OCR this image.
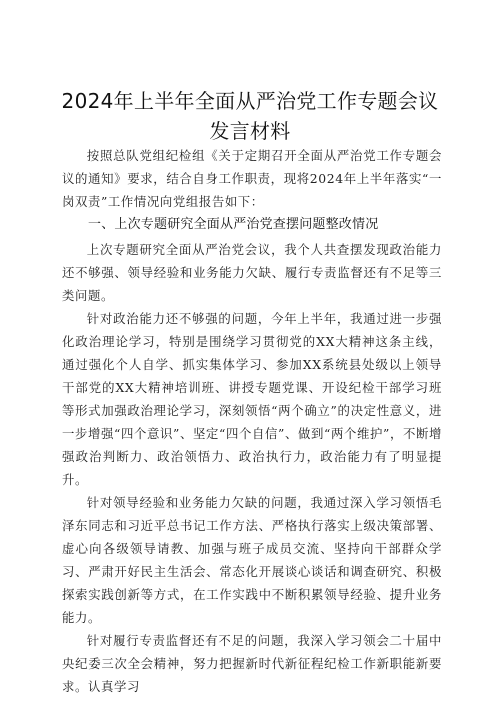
2024年上半年全面从严治党工作专题会议发言材料

按照总队党组纪检组《关于定期召开全面从严治党工作专题会议的通知》要求，结合自身工作职责，现将2024年上半年落实“一岗双责”工作情况向党组报告如下：

一、上次专题研究全面从严治党查摆问题整改情况

上次专题研究全面从严治党会议，我个人共查摆发现政治能力还不够强、领导经验和业务能力欠缺、履行专责监督还有不足等三类问题。

针对政治能力还不够强的问题，今年上半年，我通过进一步强化政治理论学习，特别是围绕学习贯彻党的XX大精神这条主线，通过强化个人自学、抓实集体学习、参加XX系统县处级以上领导干部党的XX大精神培训班、讲授专题党课、开设纪检干部学习班等形式加强政治理论学习，深刻领悟“两个确立”的决定性意义，进一步增强“四个意识”、坚定“四个自信”、做到“两个维护”，不断增强政治判断力、政治领悟力、政治执行力，政治能力有了明显提升。

针对领导经验和业务能力欠缺的问题，我通过深入学习领悟毛泽东同志和习近平总书记工作方法、严格执行落实上级决策部署、虚心向各级领导请教、加强与班子成员交流、坚持向干部群众学习、严肃开好民主生活会、常态化开展谈心谈话和调查研究、积极探索实践创新等方式，在工作实践中不断积累领导经验、提升业务能力。

针对履行专责监督还有不足的问题，我深入学习领会二十届中央纪委三次全会精神，努力把握新时代新征程纪检工作新职能新要求。认真学习
